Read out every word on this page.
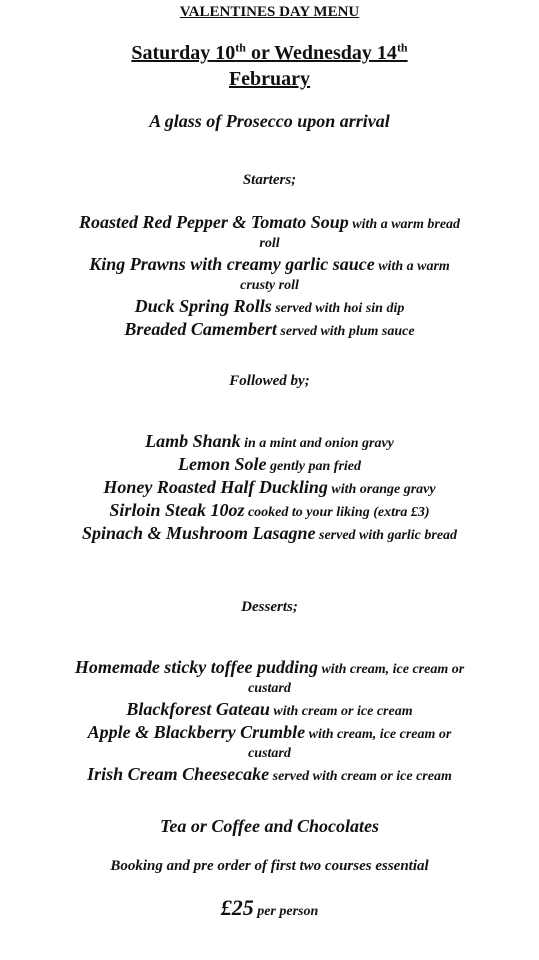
VALENTINES DAY MENU
Saturday 10th or Wednesday 14th
February
A glass of Prosecco upon arrival
Starters;
Roasted Red Pepper & Tomato Soup with a warm bread roll
King Prawns with creamy garlic sauce with a warm crusty roll
Duck Spring Rolls served with hoi sin dip
Breaded Camembert served with plum sauce
Followed by;
Lamb Shank in a mint and onion gravy
Lemon Sole gently pan fried
Honey Roasted Half Duckling with orange gravy
Sirloin Steak 10oz cooked to your liking (extra £3)
Spinach & Mushroom Lasagne served with garlic bread
Desserts;
Homemade sticky toffee pudding with cream, ice cream or custard
Blackforest Gateau with cream or ice cream
Apple & Blackberry Crumble with cream, ice cream or custard
Irish Cream Cheesecake served with cream or ice cream
Tea or Coffee and Chocolates
Booking and pre order of first two courses essential
£25 per person
